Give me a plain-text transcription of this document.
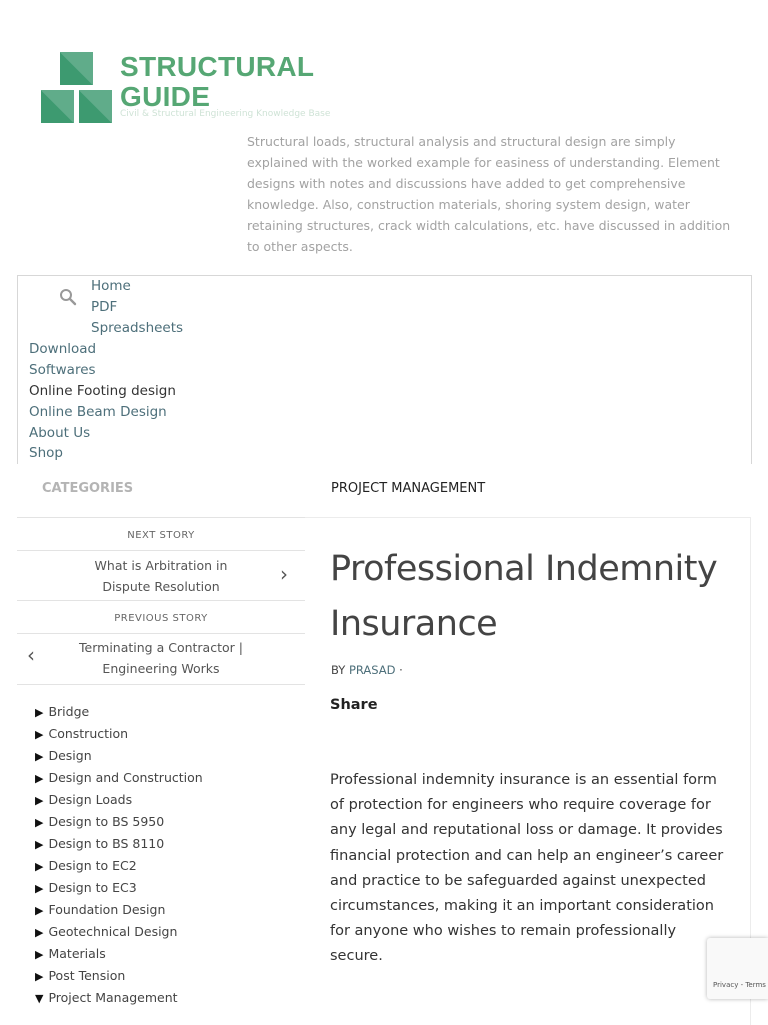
STRUCTURAL
GUIDE
Civil & Structural Engineering Knowledge Base
Structural loads, structural analysis and structural design are simply explained with the worked example for easiness of understanding. Element designs with notes and discussions have added to get comprehensive knowledge. Also, construction materials, shoring system design, water retaining structures, crack width calculations, etc. have discussed in addition to other aspects.
Home
PDF
Spreadsheets
Download
Softwares
Online Footing design
Online Beam Design
About Us
Shop
CATEGORIES	PROJECT MANAGEMENT
NEXT STORY
What is Arbitration in Dispute Resolution
›
PREVIOUS STORY
Terminating a Contractor | Engineering Works
‹
▶ Bridge
▶ Construction
▶ Design
▶ Design and Construction
▶ Design Loads
▶ Design to BS 5950
▶ Design to BS 8110
▶ Design to EC2
▶ Design to EC3
▶ Foundation Design
▶ Geotechnical Design
▶ Materials
▶ Post Tension
▼ Project Management
Professional Indemnity Insurance
BY PRASAD ·
Share

Professional indemnity insurance is an essential form of protection for engineers who require coverage for any legal and reputational loss or damage. It provides financial protection and can help an engineer’s career and practice to be safeguarded against unexpected circumstances, making it an important consideration for anyone who wishes to remain professionally secure.

Privacy - Terms
